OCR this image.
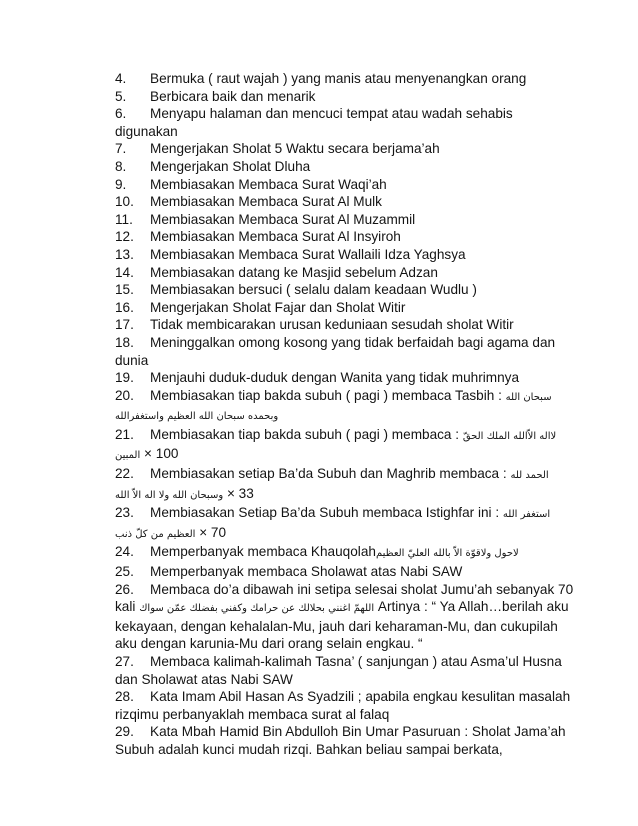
4. Bermuka ( raut wajah ) yang manis atau menyenangkan orang

5. Berbicara baik dan menarik

6. Menyapu halaman dan mencuci tempat atau wadah sehabis digunakan

7. Mengerjakan Sholat 5 Waktu secara berjama’ah

8. Mengerjakan Sholat Dluha

9. Membiasakan Membaca Surat Waqi’ah

10. Membiasakan Membaca Surat Al Mulk

11. Membiasakan Membaca Surat Al Muzammil

12. Membiasakan Membaca Surat Al Insyiroh

13. Membiasakan Membaca Surat Wallaili Idza Yaghsya

14. Membiasakan datang ke Masjid sebelum Adzan

15. Membiasakan bersuci ( selalu dalam keadaan Wudlu )

16. Mengerjakan Sholat Fajar dan Sholat Witir

17. Tidak membicarakan urusan keduniaan sesudah sholat Witir

18. Meninggalkan omong kosong yang tidak berfaidah bagi agama dan dunia

19. Menjauhi duduk-duduk dengan Wanita yang tidak muhrimnya

20. Membiasakan tiap bakda subuh ( pagi ) membaca Tasbih : سبحان الله وبحمده سبحان الله العظيم واستغفرالله

21. Membiasakan tiap bakda subuh ( pagi ) membaca : لااله الاّالله الملك الحقّ المبين × 100

22. Membiasakan setiap Ba’da Subuh dan Maghrib membaca : الحمد لله وسبحان الله ولا اله الاّ الله × 33

23. Membiasakan Setiap Ba’da Subuh membaca Istighfar ini : استغفر الله العظيم من كلّ ذنب × 70

24. Memperbanyak membaca Khauqolahلاحول ولاقوّة الاّ بالله العليّ العظيم

25. Memperbanyak membaca Sholawat atas Nabi SAW

26. Membaca do’a dibawah ini setipa selesai sholat Jumu’ah sebanyak 70 kali اللهمّ اغنني بحلالك عن حرامك وكفني بفضلك عمّن سواك Artinya : “ Ya Allah…berilah aku kekayaan, dengan kehalalan-Mu, jauh dari keharaman-Mu, dan cukupilah aku dengan karunia-Mu dari orang selain engkau. “

27. Membaca kalimah-kalimah Tasna’ ( sanjungan ) atau Asma’ul Husna dan Sholawat atas Nabi SAW

28. Kata Imam Abil Hasan As Syadzili ; apabila engkau kesulitan masalah rizqimu perbanyaklah membaca surat al falaq

29. Kata Mbah Hamid Bin Abdulloh Bin Umar Pasuruan : Sholat Jama’ah Subuh adalah kunci mudah rizqi. Bahkan beliau sampai berkata,
